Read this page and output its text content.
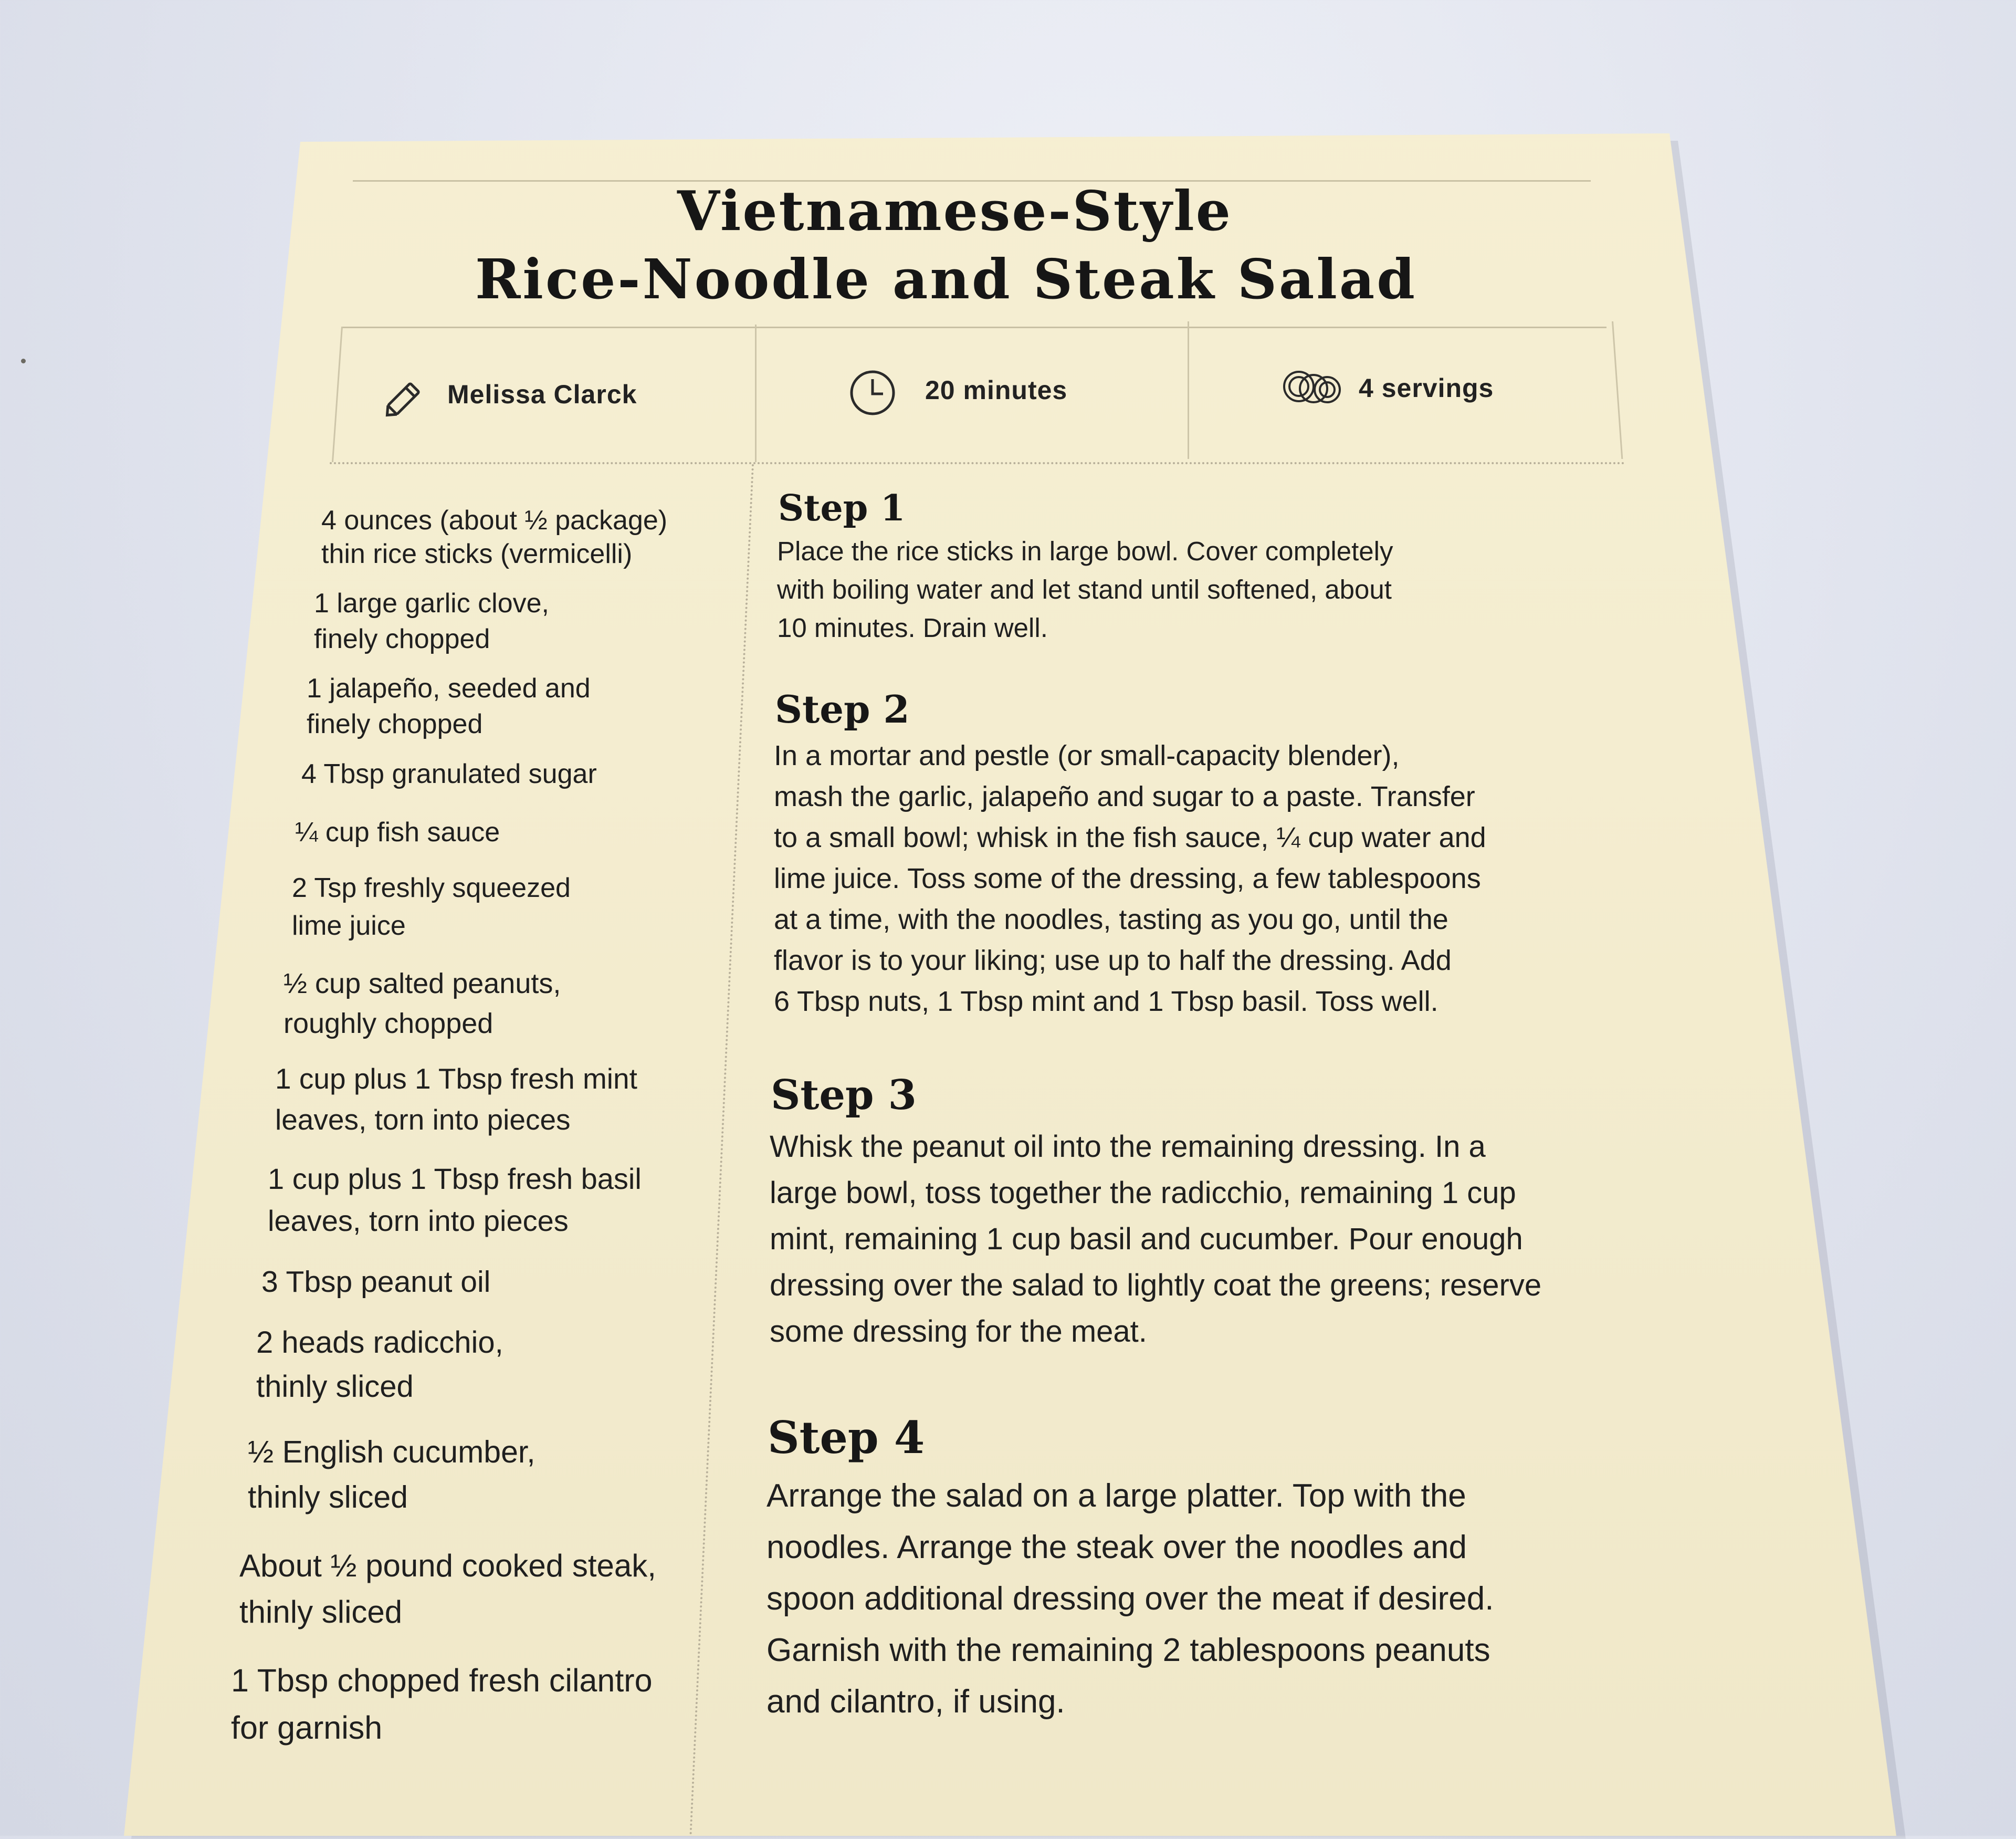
Vietnamese-Style
Rice-Noodle and Steak Salad
Melissa Clarck	20 minutes	4 servings
4 ounces (about ½ package)
thin rice sticks (vermicelli)
1 large garlic clove,
finely chopped
1 jalapeño, seeded and
finely chopped
4 Tbsp granulated sugar
¼ cup fish sauce
2 Tsp freshly squeezed
lime juice
½ cup salted peanuts,
roughly chopped
1 cup plus 1 Tbsp fresh mint
leaves, torn into pieces
1 cup plus 1 Tbsp fresh basil
leaves, torn into pieces
3 Tbsp peanut oil
2 heads radicchio,
thinly sliced
½ English cucumber,
thinly sliced
About ½ pound cooked steak,
thinly sliced
1 Tbsp chopped fresh cilantro
for garnish
Step 1
Place the rice sticks in large bowl. Cover completely
with boiling water and let stand until softened, about
10 minutes. Drain well.
Step 2
In a mortar and pestle (or small-capacity blender),
mash the garlic, jalapeño and sugar to a paste. Transfer
to a small bowl; whisk in the fish sauce, ¼ cup water and
lime juice. Toss some of the dressing, a few tablespoons
at a time, with the noodles, tasting as you go, until the
flavor is to your liking; use up to half the dressing. Add
6 Tbsp nuts, 1 Tbsp mint and 1 Tbsp basil. Toss well.
Step 3
Whisk the peanut oil into the remaining dressing. In a
large bowl, toss together the radicchio, remaining 1 cup
mint, remaining 1 cup basil and cucumber. Pour enough
dressing over the salad to lightly coat the greens; reserve
some dressing for the meat.
Step 4
Arrange the salad on a large platter. Top with the
noodles. Arrange the steak over the noodles and
spoon additional dressing over the meat if desired.
Garnish with the remaining 2 tablespoons peanuts
and cilantro, if using.
